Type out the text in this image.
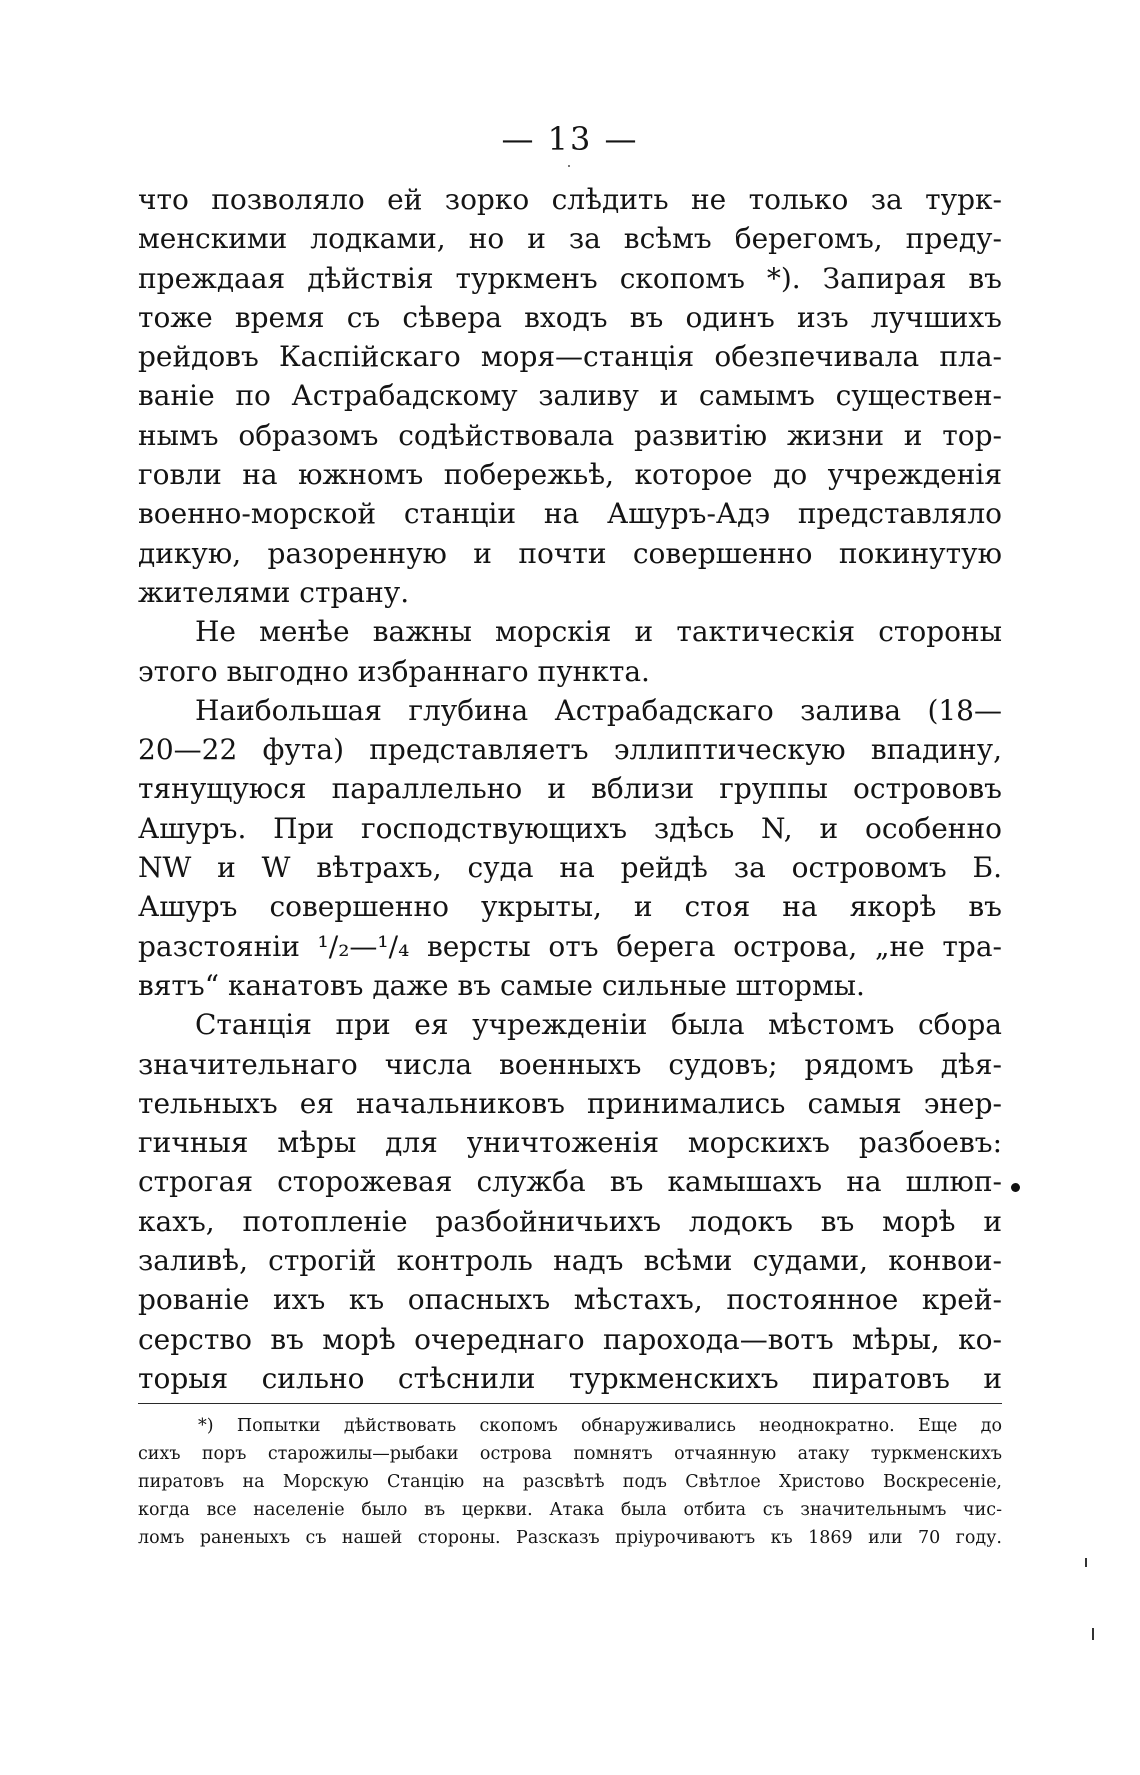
— 13 —
что позволяло ей зорко слѣдить не только за турк-
менскими лодками, но и за всѣмъ берегомъ, преду-
преждаая дѣйствія туркменъ скопомъ *). Запирая въ
тоже время съ сѣвера входъ въ одинъ изъ лучшихъ
рейдовъ Каспійскаго моря—станція обезпечивала пла-
ваніе по Астрабадскому заливу и самымъ существен-
нымъ образомъ содѣйствовала развитію жизни и тор-
говли на южномъ побережьѣ, которое до учрежденія
военно-морской станціи на Ашуръ-Адэ представляло
дикую, разоренную и почти совершенно покинутую
жителями страну.
Не менѣе важны морскія и тактическія стороны
этого выгодно избраннаго пункта.
Наибольшая глубина Астрабадскаго залива (18—
20—22 фута) представляетъ эллиптическую впадину,
тянущуюся параллельно и вблизи группы острововъ
Ашуръ. При господствующихъ здѣсь N, и особенно
NW и W вѣтрахъ, суда на рейдѣ за островомъ Б.
Ашуръ совершенно укрыты, и стоя на якорѣ въ
разстояніи ¹/₂—¹/₄ версты отъ берега острова, „не тра-
вятъ“ канатовъ даже въ самые сильные штормы.
Станція при ея учрежденіи была мѣстомъ сбора
значительнаго числа военныхъ судовъ; рядомъ дѣя-
тельныхъ ея начальниковъ принимались самыя энер-
гичныя мѣры для уничтоженія морскихъ разбоевъ:
строгая сторожевая служба въ камышахъ на шлюп-
кахъ, потопленіе разбойничьихъ лодокъ въ морѣ и
заливѣ, строгій контроль надъ всѣми судами, конвои-
рованіе ихъ къ опасныхъ мѣстахъ, постоянное крей-
серство въ морѣ очереднаго парохода—вотъ мѣры, ко-
торыя сильно стѣснили туркменскихъ пиратовъ и
*) Попытки дѣйствовать скопомъ обнаруживались неоднократно. Еще до
сихъ поръ старожилы—рыбаки острова помнятъ отчаянную атаку туркменскихъ
пиратовъ на Морскую Станцію на разсвѣтѣ подъ Свѣтлое Христово Воскресеніе,
когда все населеніе было въ церкви. Атака была отбита съ значительнымъ чис-
ломъ раненыхъ съ нашей стороны. Разсказъ пріурочиваютъ къ 1869 или 70 году.
